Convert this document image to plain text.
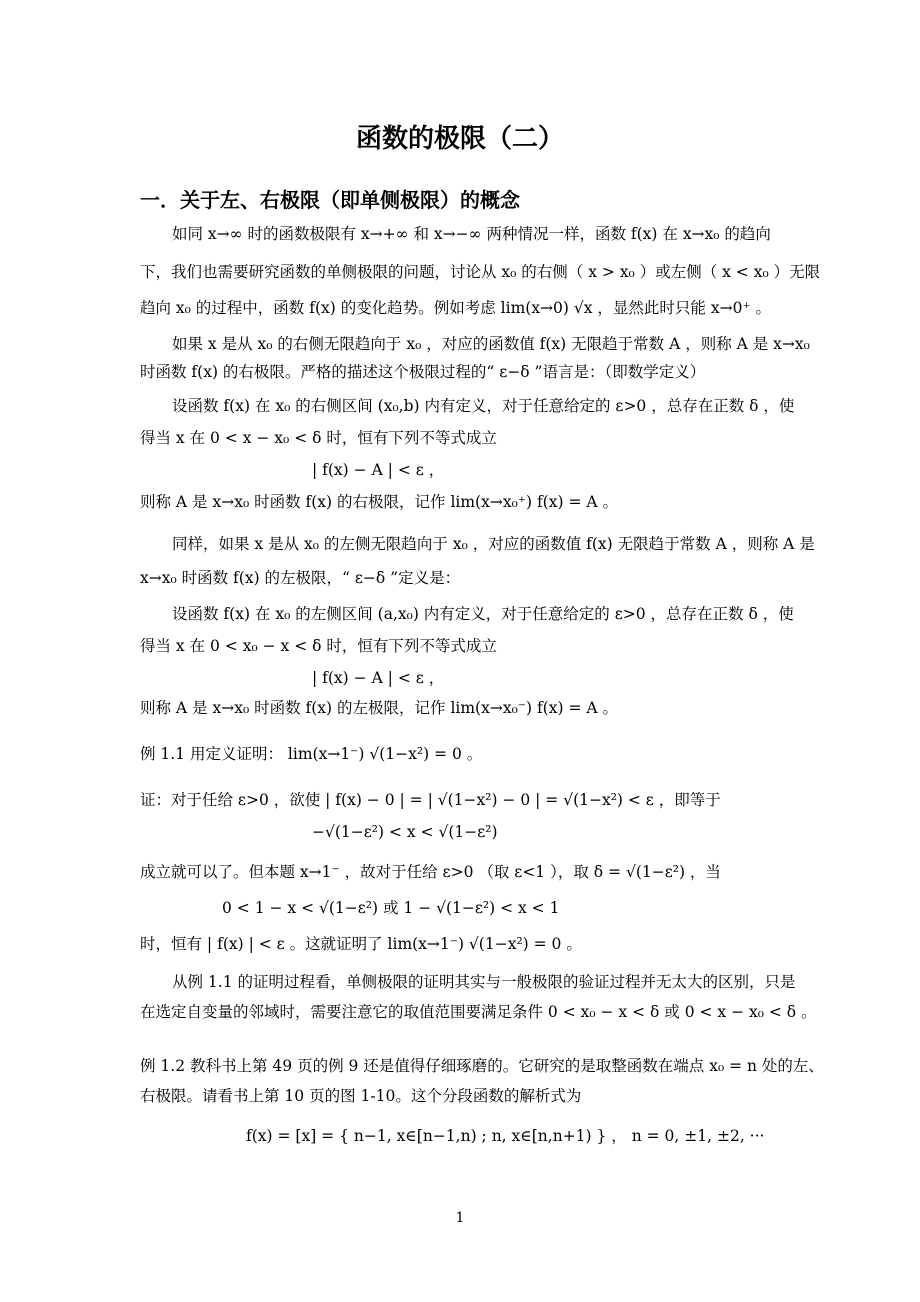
函数的极限（二）
一．关于左、右极限（即单侧极限）的概念
如同 x→∞ 时的函数极限有 x→+∞ 和 x→−∞ 两种情况一样，函数 f(x) 在 x→x₀ 的趋向
下，我们也需要研究函数的单侧极限的问题，讨论从 x₀ 的右侧（ x > x₀ ）或左侧（ x < x₀ ）无限
趋向 x₀ 的过程中，函数 f(x) 的变化趋势。例如考虑 lim(x→0) √x ，显然此时只能 x→0⁺ 。
如果 x 是从 x₀ 的右侧无限趋向于 x₀ ，对应的函数值 f(x) 无限趋于常数 A ，则称 A 是 x→x₀
时函数 f(x) 的右极限。严格的描述这个极限过程的“ ε−δ ”语言是：（即数学定义）
设函数 f(x) 在 x₀ 的右侧区间 (x₀,b) 内有定义，对于任意给定的 ε>0 ，总存在正数 δ ，使
得当 x 在 0 < x − x₀ < δ 时，恒有下列不等式成立
| f(x) − A | < ε ，
则称 A 是 x→x₀ 时函数 f(x) 的右极限，记作 lim(x→x₀⁺) f(x) = A 。
同样，如果 x 是从 x₀ 的左侧无限趋向于 x₀ ，对应的函数值 f(x) 无限趋于常数 A ，则称 A 是
x→x₀ 时函数 f(x) 的左极限，“ ε−δ ”定义是：
设函数 f(x) 在 x₀ 的左侧区间 (a,x₀) 内有定义，对于任意给定的 ε>0 ，总存在正数 δ ，使
得当 x 在 0 < x₀ − x < δ 时，恒有下列不等式成立
| f(x) − A | < ε ，
则称 A 是 x→x₀ 时函数 f(x) 的左极限，记作 lim(x→x₀⁻) f(x) = A 。
例 1.1 用定义证明： lim(x→1⁻) √(1−x²) = 0 。
证：对于任给 ε>0 ，欲使 | f(x) − 0 | = | √(1−x²) − 0 | = √(1−x²) < ε ，即等于
−√(1−ε²) < x < √(1−ε²)
成立就可以了。但本题 x→1⁻ ，故对于任给 ε>0 （取 ε<1 ），取 δ = √(1−ε²) ，当
0 < 1 − x < √(1−ε²) 或 1 − √(1−ε²) < x < 1
时，恒有 | f(x) | < ε 。这就证明了 lim(x→1⁻) √(1−x²) = 0 。
从例 1.1 的证明过程看，单侧极限的证明其实与一般极限的验证过程并无太大的区别，只是
在选定自变量的邻域时，需要注意它的取值范围要满足条件 0 < x₀ − x < δ 或 0 < x − x₀ < δ 。
例 1.2 教科书上第 49 页的例 9 还是值得仔细琢磨的。它研究的是取整函数在端点 x₀ = n 处的左、
右极限。请看书上第 10 页的图 1-10。这个分段函数的解析式为
f(x) = [x] = { n−1, x∈[n−1,n) ; n, x∈[n,n+1) } ， n = 0, ±1, ±2, ···
1
